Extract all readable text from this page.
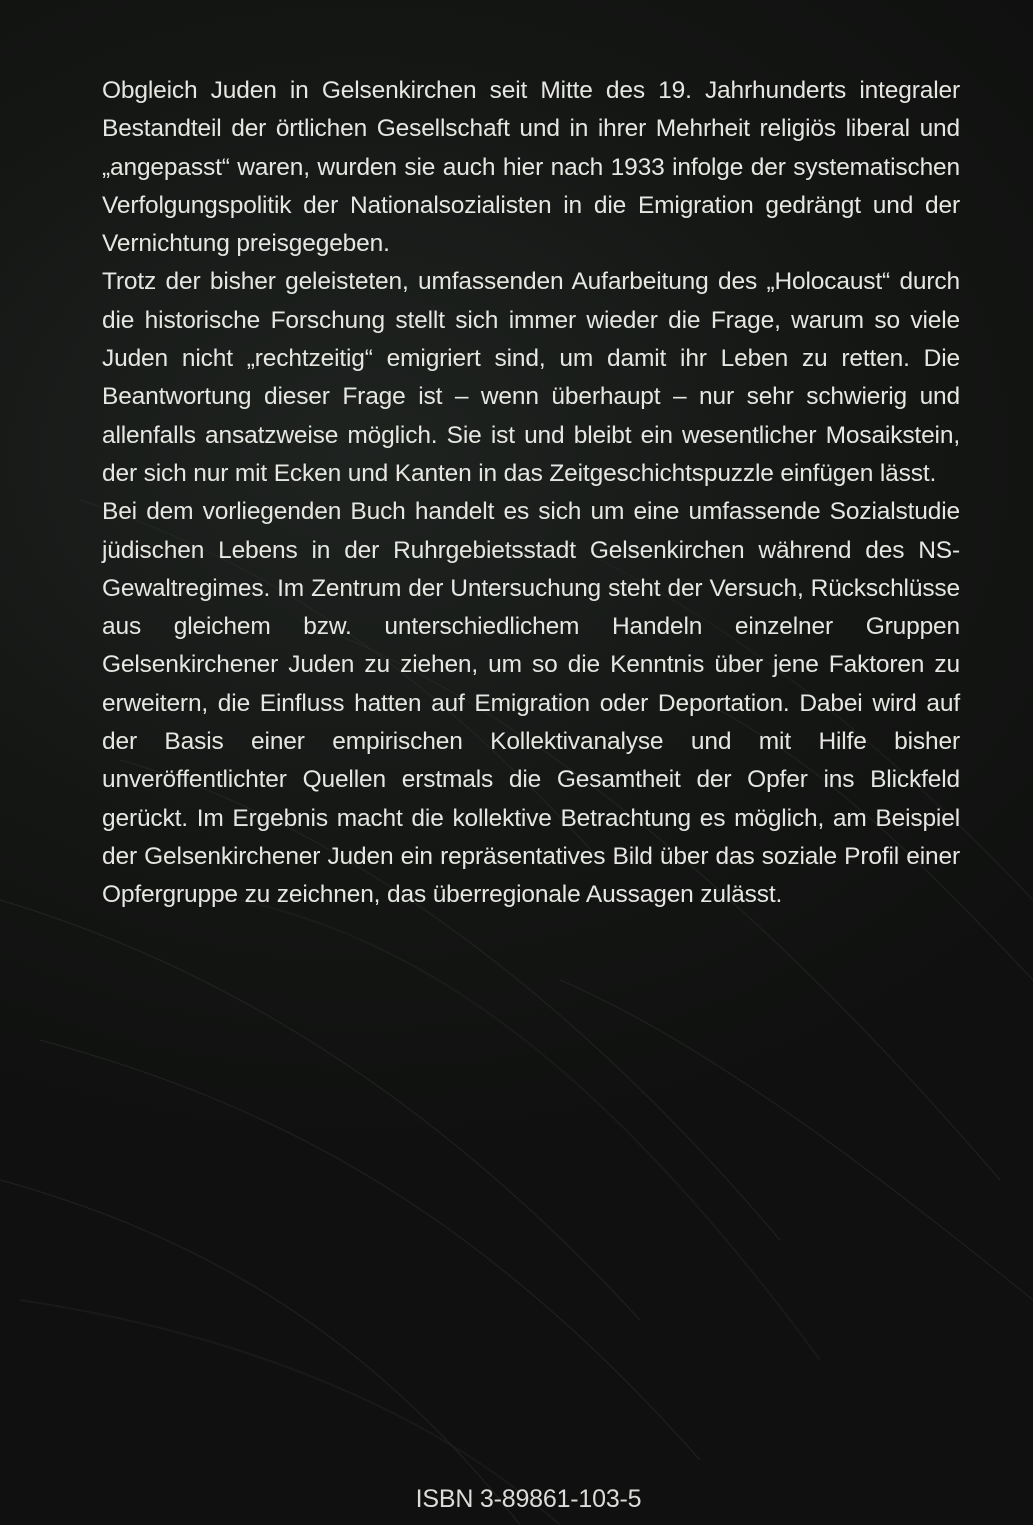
Obgleich Juden in Gelsenkirchen seit Mitte des 19. Jahrhunderts integraler Bestandteil der örtlichen Gesellschaft und in ihrer Mehrheit religiös liberal und „angepasst“ waren, wurden sie auch hier nach 1933 infolge der systematischen Verfolgungspolitik der Nationalsozialisten in die Emigration gedrängt und der Vernichtung preisgegeben.

Trotz der bisher geleisteten, umfassenden Aufarbeitung des „Holocaust“ durch die historische Forschung stellt sich immer wieder die Frage, warum so viele Juden nicht „rechtzeitig“ emigriert sind, um damit ihr Leben zu retten. Die Beantwortung dieser Frage ist – wenn überhaupt – nur sehr schwierig und allenfalls ansatzweise möglich. Sie ist und bleibt ein wesentlicher Mosaikstein, der sich nur mit Ecken und Kanten in das Zeitgeschichtspuzzle einfügen lässt.

Bei dem vorliegenden Buch handelt es sich um eine umfassende Sozialstudie jüdischen Lebens in der Ruhrgebietsstadt Gelsenkirchen während des NS-Gewaltregimes. Im Zentrum der Untersuchung steht der Versuch, Rückschlüsse aus gleichem bzw. unterschiedlichem Handeln einzelner Gruppen Gelsenkirchener Juden zu ziehen, um so die Kenntnis über jene Faktoren zu erweitern, die Einfluss hatten auf Emigration oder Deportation. Dabei wird auf der Basis einer empirischen Kollektivanalyse und mit Hilfe bisher unveröffentlichter Quellen erstmals die Gesamtheit der Opfer ins Blickfeld gerückt. Im Ergebnis macht die kollektive Betrachtung es möglich, am Beispiel der Gelsenkirchener Juden ein repräsentatives Bild über das soziale Profil einer Opfergruppe zu zeichnen, das überregionale Aussagen zulässt.

ISBN 3-89861-103-5
